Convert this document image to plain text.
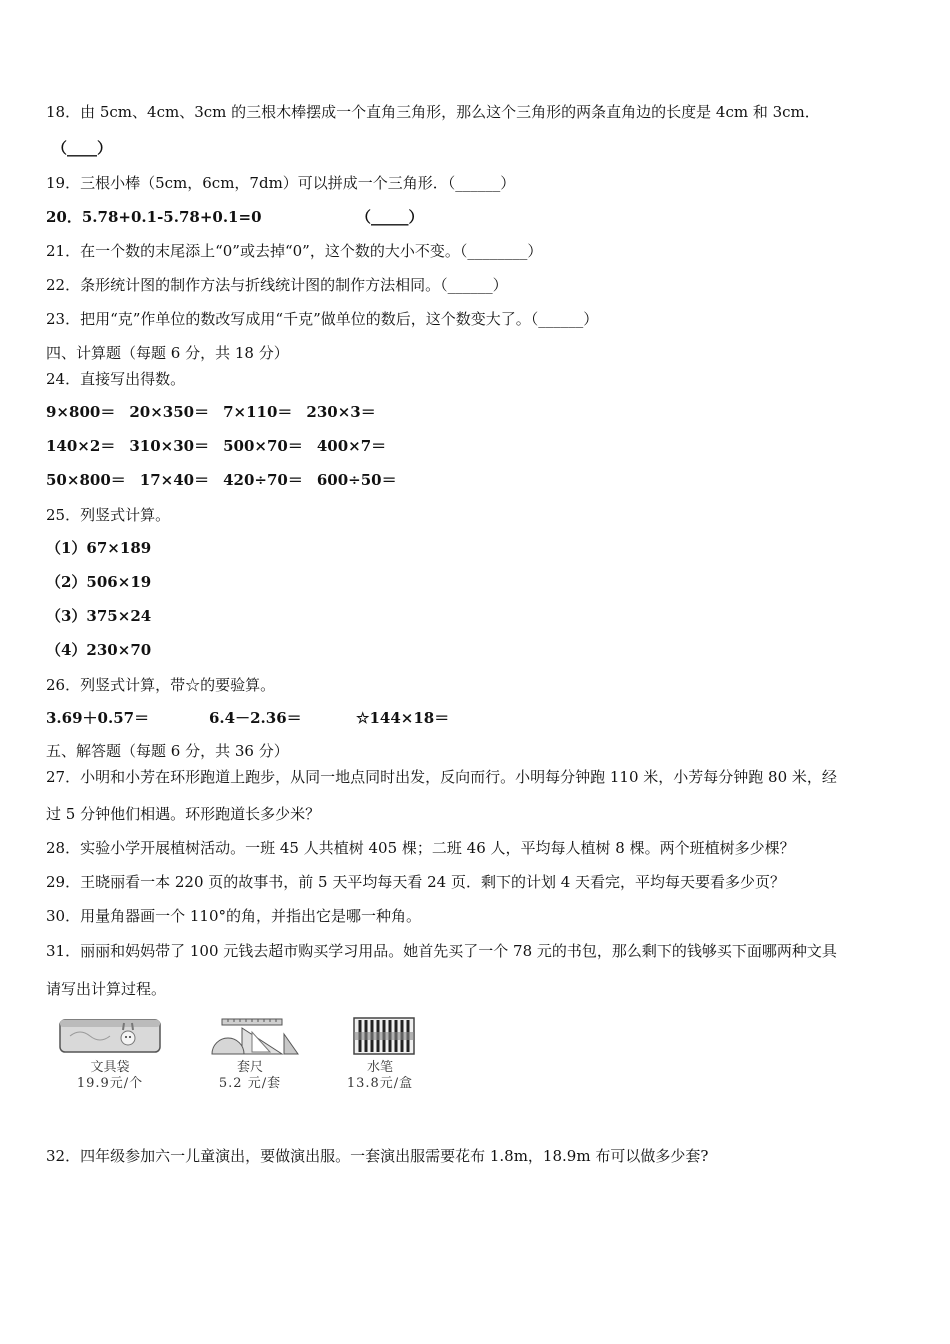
18．由 5cm、4cm、3cm 的三根木棒摆成一个直角三角形，那么这个三角形的两条直角边的长度是 4cm 和 3cm．
（____）
19．三根小棒（5cm，6cm，7dm）可以拼成一个三角形．（______）
20．5.78+0.1-5.78+0.1=0	（_____）
21．在一个数的末尾添上“0”或去掉“0”，这个数的大小不变。（________）
22．条形统计图的制作方法与折线统计图的制作方法相同。（______）
23．把用“克”作单位的数改写成用“千克”做单位的数后，这个数变大了。（______）
四、计算题（每题 6 分，共 18 分）
24．直接写出得数。
9×800＝ 20×350＝ 7×110＝ 230×3＝
140×2＝ 310×30＝ 500×70＝ 400×7＝
50×800＝ 17×40＝ 420÷70＝ 600÷50＝
25．列竖式计算。
（1）67×189
（2）506×19
（3）375×24
（4）230×70
26．列竖式计算，带☆的要验算。
3.69＋0.57＝	6.4－2.36＝	☆144×18＝
五、解答题（每题 6 分，共 36 分）
27．小明和小芳在环形跑道上跑步，从同一地点同时出发，反向而行。小明每分钟跑 110 米，小芳每分钟跑 80 米，经
过 5 分钟他们相遇。环形跑道长多少米？
28．实验小学开展植树活动。一班 45 人共植树 405 棵；二班 46 人，平均每人植树 8 棵。两个班植树多少棵？
29．王晓丽看一本 220 页的故事书，前 5 天平均每天看 24 页．剩下的计划 4 天看完，平均每天要看多少页？
30．用量角器画一个 110°的角，并指出它是哪一种角。
31．丽丽和妈妈带了 100 元钱去超市购买学习用品。她首先买了一个 78 元的书包，那么剩下的钱够买下面哪两种文具
请写出计算过程。
文具袋
19.9元/个
套尺
5.2 元/套
水笔
13.8元/盒
32．四年级参加六一儿童演出，要做演出服。一套演出服需要花布 1.8m，18.9m 布可以做多少套?
